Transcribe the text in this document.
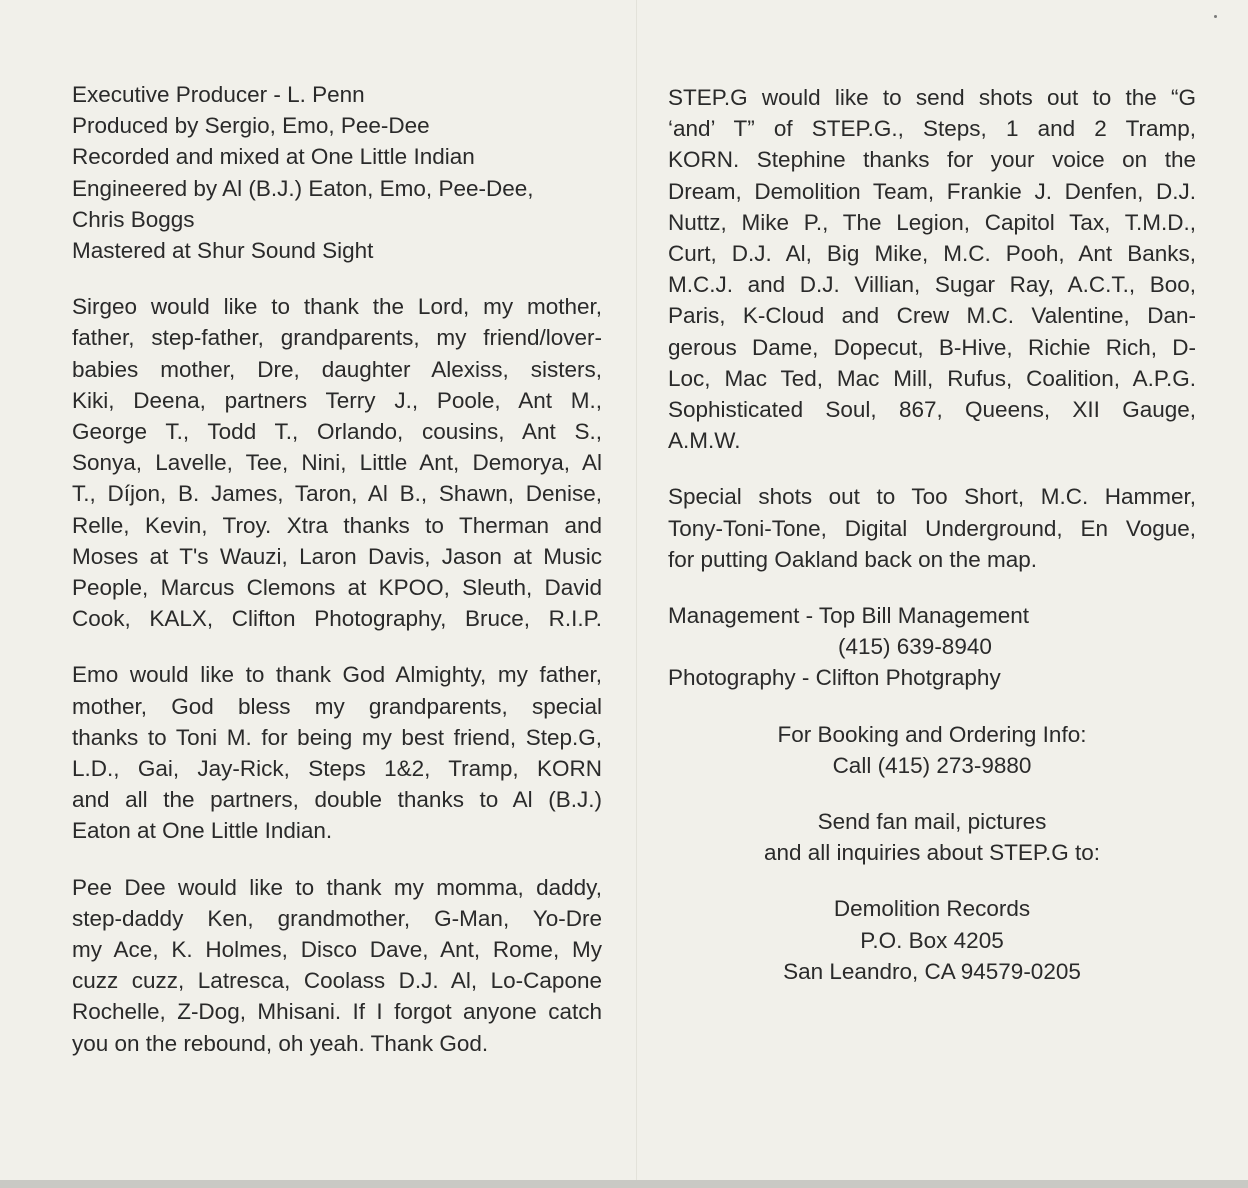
Executive Producer - L. Penn
Produced by Sergio, Emo, Pee-Dee
Recorded and mixed at One Little Indian
Engineered by Al (B.J.) Eaton, Emo, Pee-Dee,
Chris Boggs
Mastered at Shur Sound Sight
Sirgeo would like to thank the Lord, my mother,
father, step-father, grandparents, my friend/lover-
babies mother, Dre, daughter Alexiss, sisters,
Kiki, Deena, partners Terry J., Poole, Ant M.,
George T., Todd T., Orlando, cousins, Ant S.,
Sonya, Lavelle, Tee, Nini, Little Ant, Demorya, Al
T., Díjon, B. James, Taron, Al B., Shawn, Denise,
Relle, Kevin, Troy. Xtra thanks to Therman and
Moses at T's Wauzi, Laron Davis, Jason at Music
People, Marcus Clemons at KPOO, Sleuth, David
Cook, KALX, Clifton Photography, Bruce, R.I.P.
Emo would like to thank God Almighty, my father,
mother, God bless my grandparents, special
thanks to Toni M. for being my best friend, Step.G,
L.D., Gai, Jay-Rick, Steps 1&2, Tramp, KORN
and all the partners, double thanks to Al (B.J.)
Eaton at One Little Indian.
Pee Dee would like to thank my momma, daddy,
step-daddy Ken, grandmother, G-Man, Yo-Dre
my Ace, K. Holmes, Disco Dave, Ant, Rome, My
cuzz cuzz, Latresca, Coolass D.J. Al, Lo-Capone
Rochelle, Z-Dog, Mhisani. If I forgot anyone catch
you on the rebound, oh yeah. Thank God.
STEP.G would like to send shots out to the “G
‘and’ T” of STEP.G., Steps, 1 and 2 Tramp,
KORN. Stephine thanks for your voice on the
Dream, Demolition Team, Frankie J. Denfen, D.J.
Nuttz, Mike P., The Legion, Capitol Tax, T.M.D.,
Curt, D.J. Al, Big Mike, M.C. Pooh, Ant Banks,
M.C.J. and D.J. Villian, Sugar Ray, A.C.T., Boo,
Paris, K-Cloud and Crew M.C. Valentine, Dan-
gerous Dame, Dopecut, B-Hive, Richie Rich, D-
Loc, Mac Ted, Mac Mill, Rufus, Coalition, A.P.G.
Sophisticated Soul, 867, Queens, XII Gauge,
A.M.W.
Special shots out to Too Short, M.C. Hammer,
Tony-Toni-Tone, Digital Underground, En Vogue,
for putting Oakland back on the map.
Management - Top Bill Management
(415) 639-8940
Photography - Clifton Photgraphy
For Booking and Ordering Info:
Call (415) 273-9880
Send fan mail, pictures
and all inquiries about STEP.G to:
Demolition Records
P.O. Box 4205
San Leandro, CA 94579-0205
